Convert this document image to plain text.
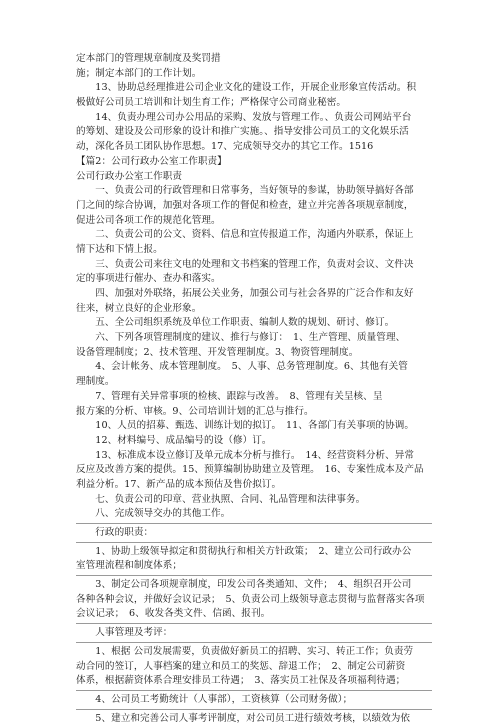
定本部门的管理规章制度及奖罚措
施；制定本部门的工作计划。
　　13、协助总经理推进公司企业文化的建设工作，开展企业形象宣传活动。积
极做好公司员工培训和计划生育工作；严格保守公司商业秘密。
　　14、负责办理公司办公用品的采购、发放与管理工作。、负责公司网站平台
的筹划、建设及公司形象的设计和推广实施。、指导安排公司员工的文化娱乐活
动，深化各员工团队协作思想。17、完成领导交办的其它工作。1516
【篇2：公司行政办公室工作职责】
公司行政办公室工作职责
　　一、负责公司的行政管理和日常事务，当好领导的参谋，协助领导搞好各部
门之间的综合协调，加强对各项工作的督促和检查，建立并完善各项规章制度，
促进公司各项工作的规范化管理。
　　二、负责公司的公文、资料、信息和宣传报道工作，沟通内外联系，保证上
情下达和下情上报。
　　三、负责公司来往文电的处理和文书档案的管理工作，负责对会议、文件决
定的事项进行催办、查办和落实。
　　四、加强对外联络，拓展公关业务，加强公司与社会各界的广泛合作和友好
往来，树立良好的企业形象。
　　五、全公司组织系统及单位工作职责、编制人数的规划、研讨、修订。
　　六、下列各项管理制度的建议、推行与修订：　1、生产管理、质量管理、
设备管理制度；2、技术管理、开发管理制度。3、物资管理制度。
　　4、会计帐务、成本管理制度。　5、人事、总务管理制度。6、其他有关管
理制度。
　　7、管理有关异常事项的检核、跟踪与改善。　8、管理有关呈核、呈
报方案的分析、审核。9、公司培训计划的汇总与推行。
　　10、人员的招募、甄选、训练计划的拟订。　11、各部门有关事项的协调。
　　12、材料编号、成品编号的设（修）订。
　　13、标准成本设立修订及单元成本分析与推行。　14、经营资料分析、异常
反应及改善方案的提供。15、预算编制协助建立及管理。　16、专案性成本及产品
利益分析。17、新产品的成本预估及售价拟订。
　　七、负责公司的印章、营业执照、合同、礼品管理和法律事务。
　　八、完成领导交办的其他工作。
　　行政的职责：
　　1、协助上级领导拟定和贯彻执行和相关方针政策；　2、建立公司行政办公
室管理流程和制度体系；
　　3、制定公司各项规章制度，印发公司各类通知、文件；　4、组织召开公司
各种各种会议，并做好会议记录；　5、负责公司上级领导意志贯彻与监督落实各项
会议记录；　6、收发各类文件、信函、报刊。
　　人事管理及考评：
　　1、根据 公司发展需要，负责做好新员工的招聘、实习、转正工作；负责劳
动合同的签订，人事档案的建立和员工的奖惩、辞退工作；　2、制定公司薪资
体系，根据薪资体系合理安排员工待遇；　3、落实员工社保及各项福利待遇；
　　4、公司员工考勤统计（人事部），工资核算（公司财务做）；
　　5、建立和完善公司人事考评制度，对公司员工进行绩效考核，以绩效为依
